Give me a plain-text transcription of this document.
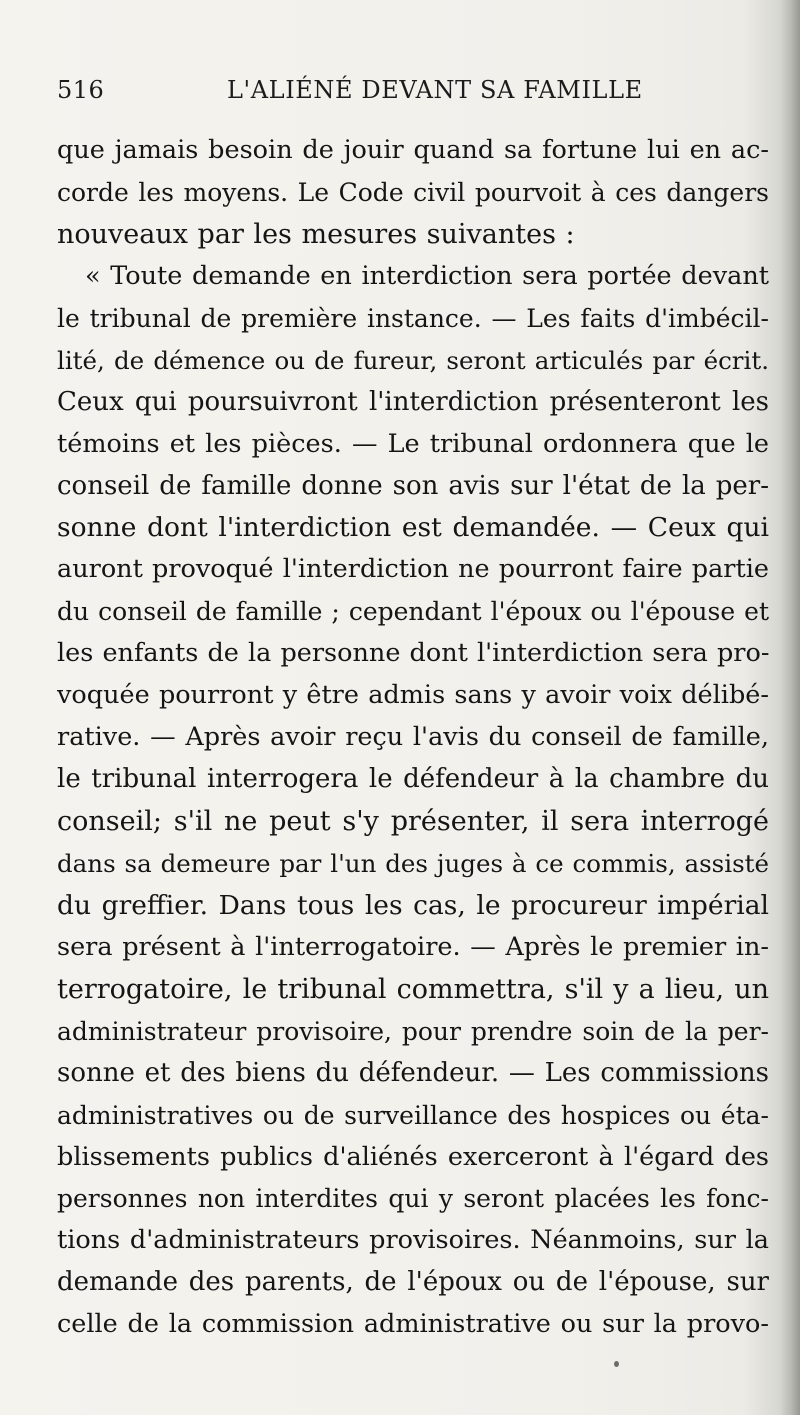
516	L'ALIÉNÉ DEVANT SA FAMILLE
que jamais besoin de jouir quand sa fortune lui en ac-
corde les moyens. Le Code civil pourvoit à ces dangers
nouveaux par les mesures suivantes :
« Toute demande en interdiction sera portée devant
le tribunal de première instance. — Les faits d'imbécil-
lité, de démence ou de fureur, seront articulés par écrit.
Ceux qui poursuivront l'interdiction présenteront les
témoins et les pièces. — Le tribunal ordonnera que le
conseil de famille donne son avis sur l'état de la per-
sonne dont l'interdiction est demandée. — Ceux qui
auront provoqué l'interdiction ne pourront faire partie
du conseil de famille ; cependant l'époux ou l'épouse et
les enfants de la personne dont l'interdiction sera pro-
voquée pourront y être admis sans y avoir voix délibé-
rative. — Après avoir reçu l'avis du conseil de famille,
le tribunal interrogera le défendeur à la chambre du
conseil; s'il ne peut s'y présenter, il sera interrogé
dans sa demeure par l'un des juges à ce commis, assisté
du greffier. Dans tous les cas, le procureur impérial
sera présent à l'interrogatoire. — Après le premier in-
terrogatoire, le tribunal commettra, s'il y a lieu, un
administrateur provisoire, pour prendre soin de la per-
sonne et des biens du défendeur. — Les commissions
administratives ou de surveillance des hospices ou éta-
blissements publics d'aliénés exerceront à l'égard des
personnes non interdites qui y seront placées les fonc-
tions d'administrateurs provisoires. Néanmoins, sur la
demande des parents, de l'époux ou de l'épouse, sur
celle de la commission administrative ou sur la provo-
